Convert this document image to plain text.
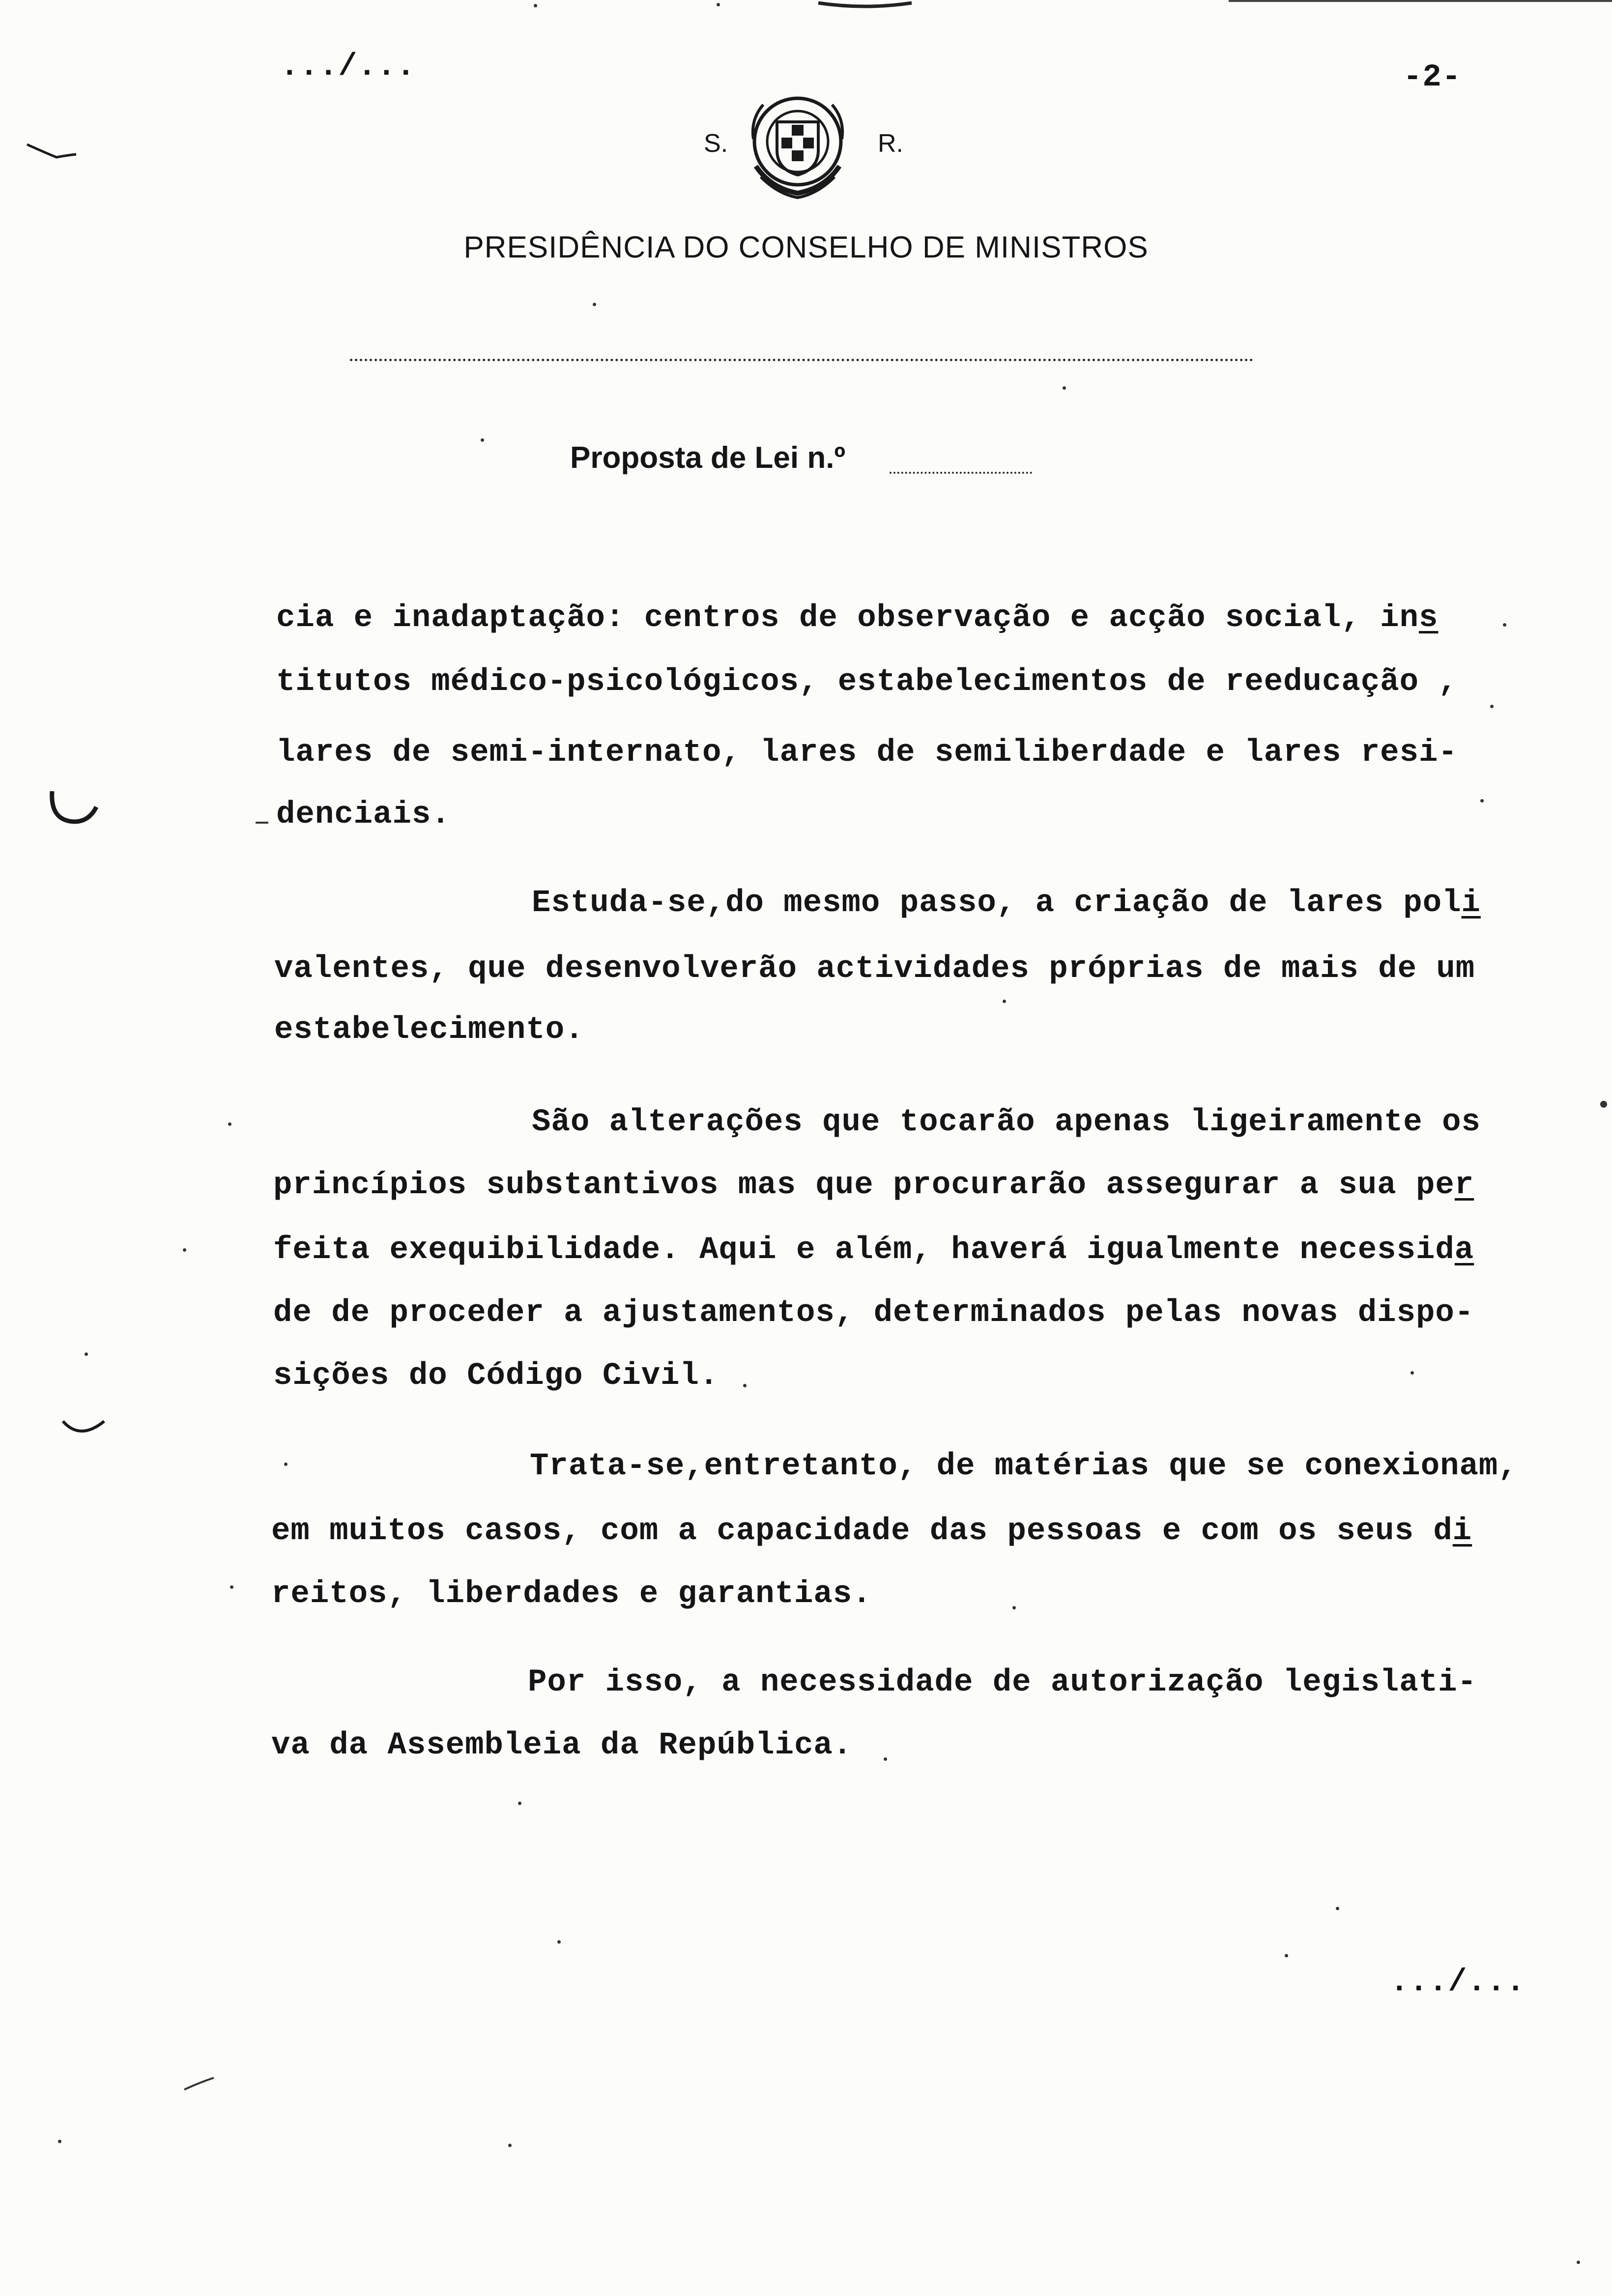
.../...	-2-
S.	R.
PRESIDÊNCIA DO CONSELHO DE MINISTROS
Proposta de Lei n.º
cia e inadaptação: centros de observação e acção social, ins
titutos médico-psicológicos, estabelecimentos de reeducação ,
lares de semi-internato, lares de semiliberdade e lares resi-
denciais.
Estuda-se,do mesmo passo, a criação de lares poli
valentes, que desenvolverão actividades próprias de mais de um
estabelecimento.
São alterações que tocarão apenas ligeiramente os
princípios substantivos mas que procurarão assegurar a sua per
feita exequibilidade. Aqui e além, haverá igualmente necessida
de de proceder a ajustamentos, determinados pelas novas dispo-
sições do Código Civil.
Trata-se,entretanto, de matérias que se conexionam,
em muitos casos, com a capacidade das pessoas e com os seus di
reitos, liberdades e garantias.
Por isso, a necessidade de autorização legislati-
va da Assembleia da República.
.../...
